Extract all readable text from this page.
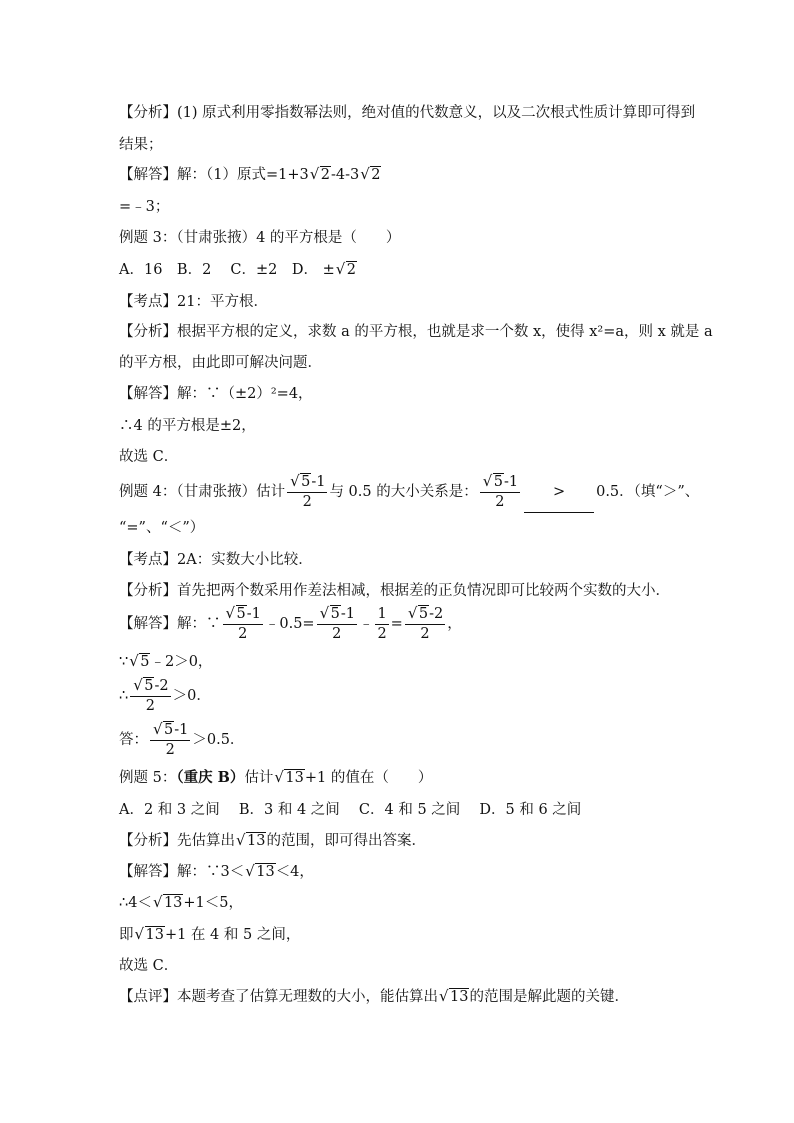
【分析】(1) 原式利用零指数幂法则，绝对值的代数意义，以及二次根式性质计算即可得到
结果；
【解答】解：（1）原式=1+3 √ 2-4-3 √ 2
=﹣3；
例题 3：（甘肃张掖）4 的平方根是（　　）
A．16　B．2　 C．±2　D． ± √ 2
【考点】21：平方根．
【分析】根据平方根的定义，求数 a 的平方根，也就是求一个数 x，使得 x²=a，则 x 就是 a
的平方根，由此即可解决问题．
【解答】解：∵（±2）²=4，
∴4 的平方根是±2，
故选 C．
例题 4：（甘肃张掖）估计 $\frac{√ 5-1}{2}$ 与 0.5 的大小关系是： $\frac{√ 5-1}{2} > 0.5$．（填“＞”、
“=”、“＜”）
【考点】2A：实数大小比较．
【分析】首先把两个数采用作差法相减，根据差的正负情况即可比较两个实数的大小．
【解答】解：∵ $\frac{√ 5-1}{2}$ ﹣0.5= $\frac{√ 5-1}{2}$ ﹣ $\frac{1}{2} = \frac{√ 5-2}{2}$ ，
∵ √ 5﹣2＞0，
∴ $\frac{√ 5-2}{2} >0$．
答： $\frac{√ 5-1}{2} >0.5$．
例题 5：（重庆 B）估计 √ 13+1 的值在（　　）
A．2 和 3 之间　 B．3 和 4 之间　 C．4 和 5 之间　 D．5 和 6 之间
【分析】先估算出 √ 13的范围，即可得出答案．
【解答】解：∵3＜ √ 13＜4，
∴4＜ √ 13+1＜5，
即 √ 13+1 在 4 和 5 之间，
故选 C．
【点评】本题考查了估算无理数的大小，能估算出 √ 13的范围是解此题的关键．
